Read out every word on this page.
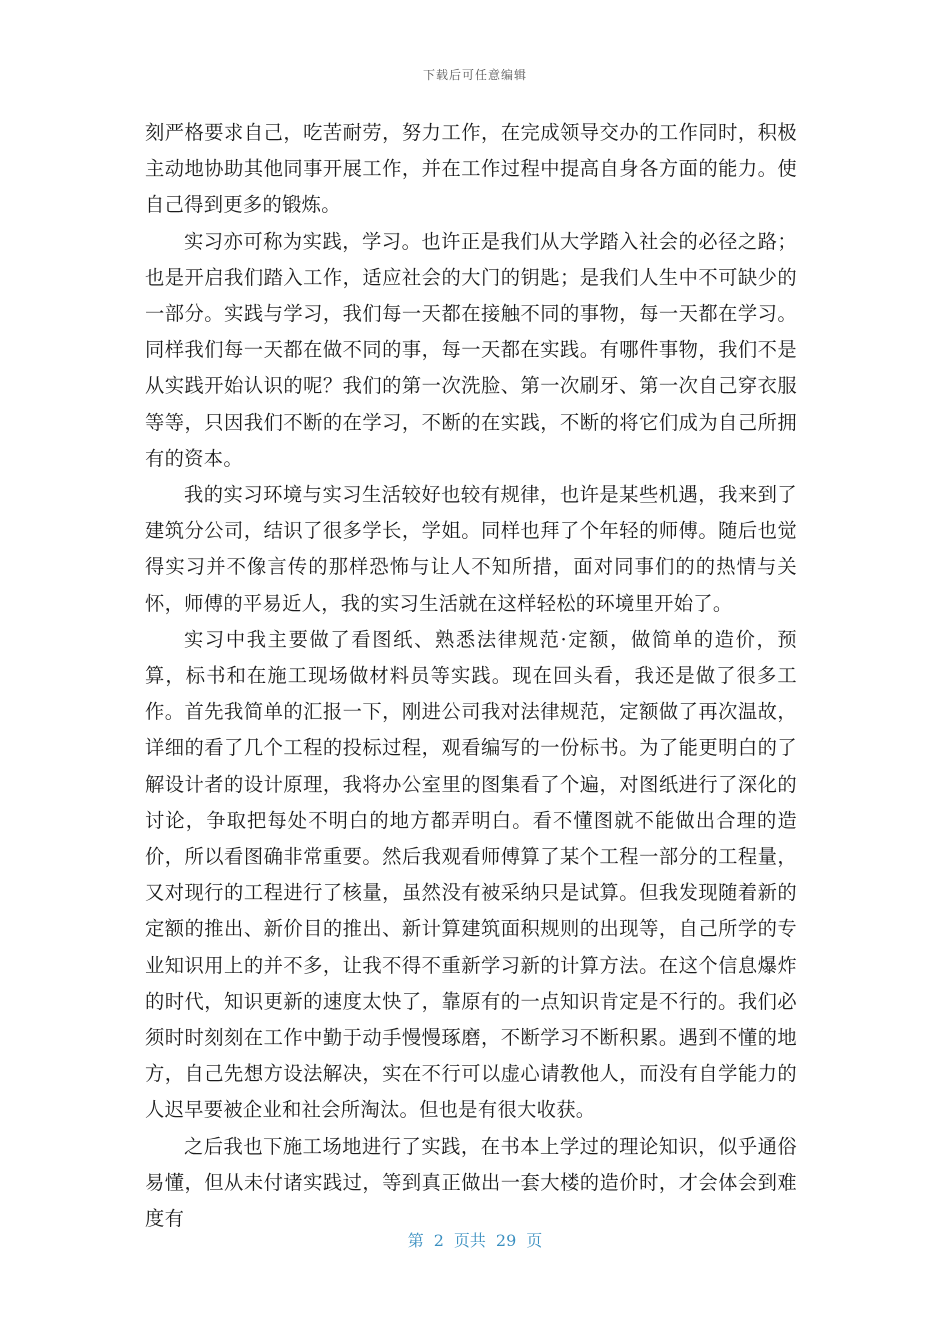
下载后可任意编辑

刻严格要求自己，吃苦耐劳，努力工作，在完成领导交办的工作同时，积极主动地协助其他同事开展工作，并在工作过程中提高自身各方面的能力。使自己得到更多的锻炼。

实习亦可称为实践，学习。也许正是我们从大学踏入社会的必径之路；也是开启我们踏入工作，适应社会的大门的钥匙；是我们人生中不可缺少的一部分。实践与学习，我们每一天都在接触不同的事物，每一天都在学习。同样我们每一天都在做不同的事，每一天都在实践。有哪件事物，我们不是从实践开始认识的呢？我们的第一次洗脸、第一次刷牙、第一次自己穿衣服等等，只因我们不断的在学习，不断的在实践，不断的将它们成为自己所拥有的资本。

我的实习环境与实习生活较好也较有规律，也许是某些机遇，我来到了建筑分公司，结识了很多学长，学姐。同样也拜了个年轻的师傅。随后也觉得实习并不像言传的那样恐怖与让人不知所措，面对同事们的的热情与关怀，师傅的平易近人，我的实习生活就在这样轻松的环境里开始了。

实习中我主要做了看图纸、熟悉法律规范·定额，做简单的造价，预算，标书和在施工现场做材料员等实践。现在回头看，我还是做了很多工作。首先我简单的汇报一下，刚进公司我对法律规范，定额做了再次温故，详细的看了几个工程的投标过程，观看编写的一份标书。为了能更明白的了解设计者的设计原理，我将办公室里的图集看了个遍，对图纸进行了深化的讨论，争取把每处不明白的地方都弄明白。看不懂图就不能做出合理的造价，所以看图确非常重要。然后我观看师傅算了某个工程一部分的工程量，又对现行的工程进行了核量，虽然没有被采纳只是试算。但我发现随着新的定额的推出、新价目的推出、新计算建筑面积规则的出现等，自己所学的专业知识用上的并不多，让我不得不重新学习新的计算方法。在这个信息爆炸的时代，知识更新的速度太快了，靠原有的一点知识肯定是不行的。我们必须时时刻刻在工作中勤于动手慢慢琢磨，不断学习不断积累。遇到不懂的地方，自己先想方设法解决，实在不行可以虚心请教他人，而没有自学能力的人迟早要被企业和社会所淘汰。但也是有很大收获。

之后我也下施工场地进行了实践，在书本上学过的理论知识，似乎通俗易懂，但从未付诸实践过，等到真正做出一套大楼的造价时，才会体会到难度有

第 2 页共 29 页
